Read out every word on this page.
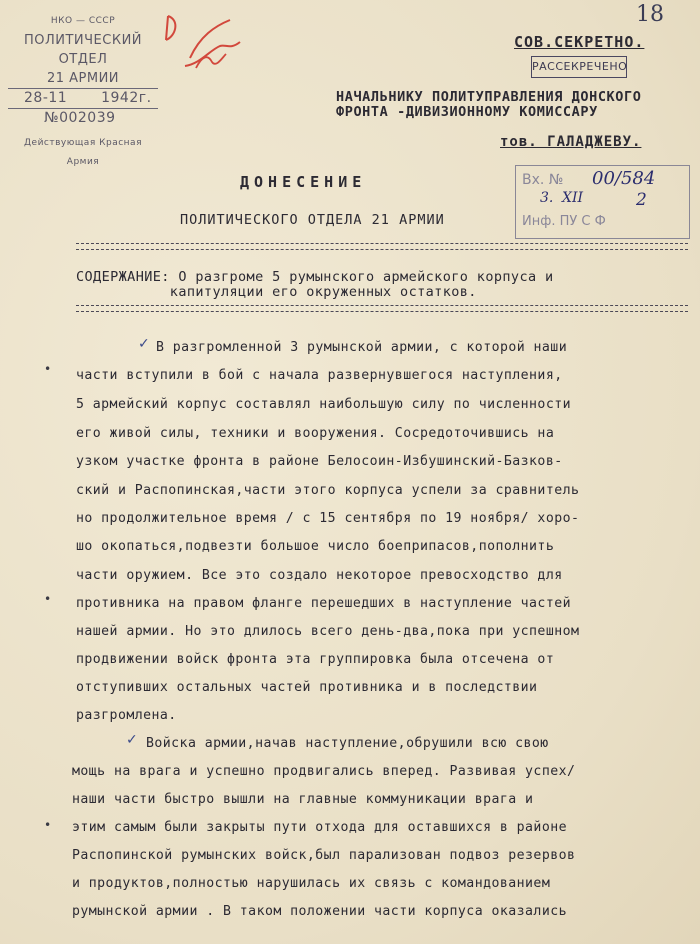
18
НКО — СССР
ПОЛИТИЧЕСКИЙ ОТДЕЛ
21 АРМИИ
28-11 1942г.
№002039
Действующая Красная Армия
СОВ.СЕКРЕТНО.
РАССЕКРЕЧЕНО
НАЧАЛЬНИКУ ПОЛИТУПРАВЛЕНИЯ ДОНСКОГО
ФРОНТА -ДИВИЗИОННОМУ КОМИССАРУ
тов. ГАЛАДЖЕВУ.
Вх. № 00/584
3. XII	2
Инф. ПУ С Ф
ДОНЕСЕНИЕ
ПОЛИТИЧЕСКОГО ОТДЕЛА 21 АРМИИ
СОДЕРЖАНИЕ: О разгроме 5 румынского армейского корпуса и
капитуляции его окруженных остатков.
В разгромленной 3 румынской армии, с которой наши
части вступили в бой с начала развернувшегося наступления,
5 армейский корпус составлял наибольшую силу по численности
его живой силы, техники и вооружения. Сосредоточившись на
узком участке фронта в районе Белосоин-Избушинский-Базков-
ский и Распопинская,части этого корпуса успели за сравнитель
но продолжительное время / с 15 сентября по 19 ноября/ хоро-
шо окопаться,подвезти большое число боеприпасов,пополнить
части оружием. Все это создало некоторое превосходство для
противника на правом фланге перешедших в наступление частей
нашей армии. Но это длилось всего день-два,пока при успешном
продвижении войск фронта эта группировка была отсечена от
отступивших остальных частей противника и в последствии
разгромлена.
Войска армии,начав наступление,обрушили всю свою
мощь на врага и успешно продвигались вперед. Развивая успех/
наши части быстро вышли на главные коммуникации врага и
этим самым были закрыты пути отхода для оставшихся в районе
Распопинской румынских войск,был парализован подвоз резервов
и продуктов,полностью нарушилась их связь с командованием
румынской армии . В таком положении части корпуса оказались
✓
✓
•
•
•
